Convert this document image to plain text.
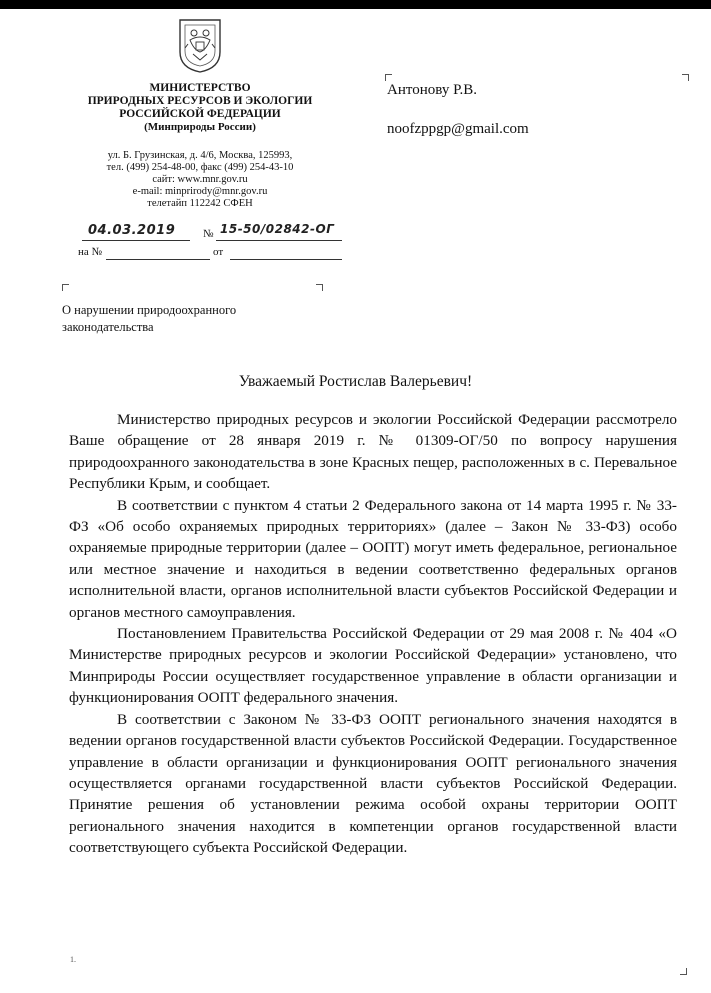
МИНИСТЕРСТВО
ПРИРОДНЫХ РЕСУРСОВ И ЭКОЛОГИИ
РОССИЙСКОЙ ФЕДЕРАЦИИ
(Минприроды России)
ул. Б. Грузинская, д. 4/6, Москва, 125993,
тел. (499) 254-48-00, факс (499) 254-43-10
сайт: www.mnr.gov.ru
e-mail: minprirody@mnr.gov.ru
телетайп 112242 СФЕН
04.03.2019	№ 15-50/02842-ОГ
на №	от
Антонову Р.В.
noofzppgp@gmail.com
О нарушении природоохранного
законодательства
Уважаемый Ростислав Валерьевич!

Министерство природных ресурсов и экологии Российской Федерации рассмотрело Ваше обращение от 28 января 2019 г. № 01309-ОГ/50 по вопросу нарушения природоохранного законодательства в зоне Красных пещер, расположенных в с. Перевальное Республики Крым, и сообщает.

В соответствии с пунктом 4 статьи 2 Федерального закона от 14 марта 1995 г. № 33-ФЗ «Об особо охраняемых природных территориях» (далее – Закон № 33-ФЗ) особо охраняемые природные территории (далее – ООПТ) могут иметь федеральное, региональное или местное значение и находиться в ведении соответственно федеральных органов исполнительной власти, органов исполнительной власти субъектов Российской Федерации и органов местного самоуправления.

Постановлением Правительства Российской Федерации от 29 мая 2008 г. № 404 «О Министерстве природных ресурсов и экологии Российской Федерации» установлено, что Минприроды России осуществляет государственное управление в области организации и функционирования ООПТ федерального значения.

В соответствии с Законом № 33-ФЗ ООПТ регионального значения находятся в ведении органов государственной власти субъектов Российской Федерации. Государственное управление в области организации и функционирования ООПТ регионального значения осуществляется органами государственной власти субъектов Российской Федерации. Принятие решения об установлении режима особой охраны территории ООПТ регионального значения находится в компетенции органов государственной власти соответствующего субъекта Российской Федерации.

1.
